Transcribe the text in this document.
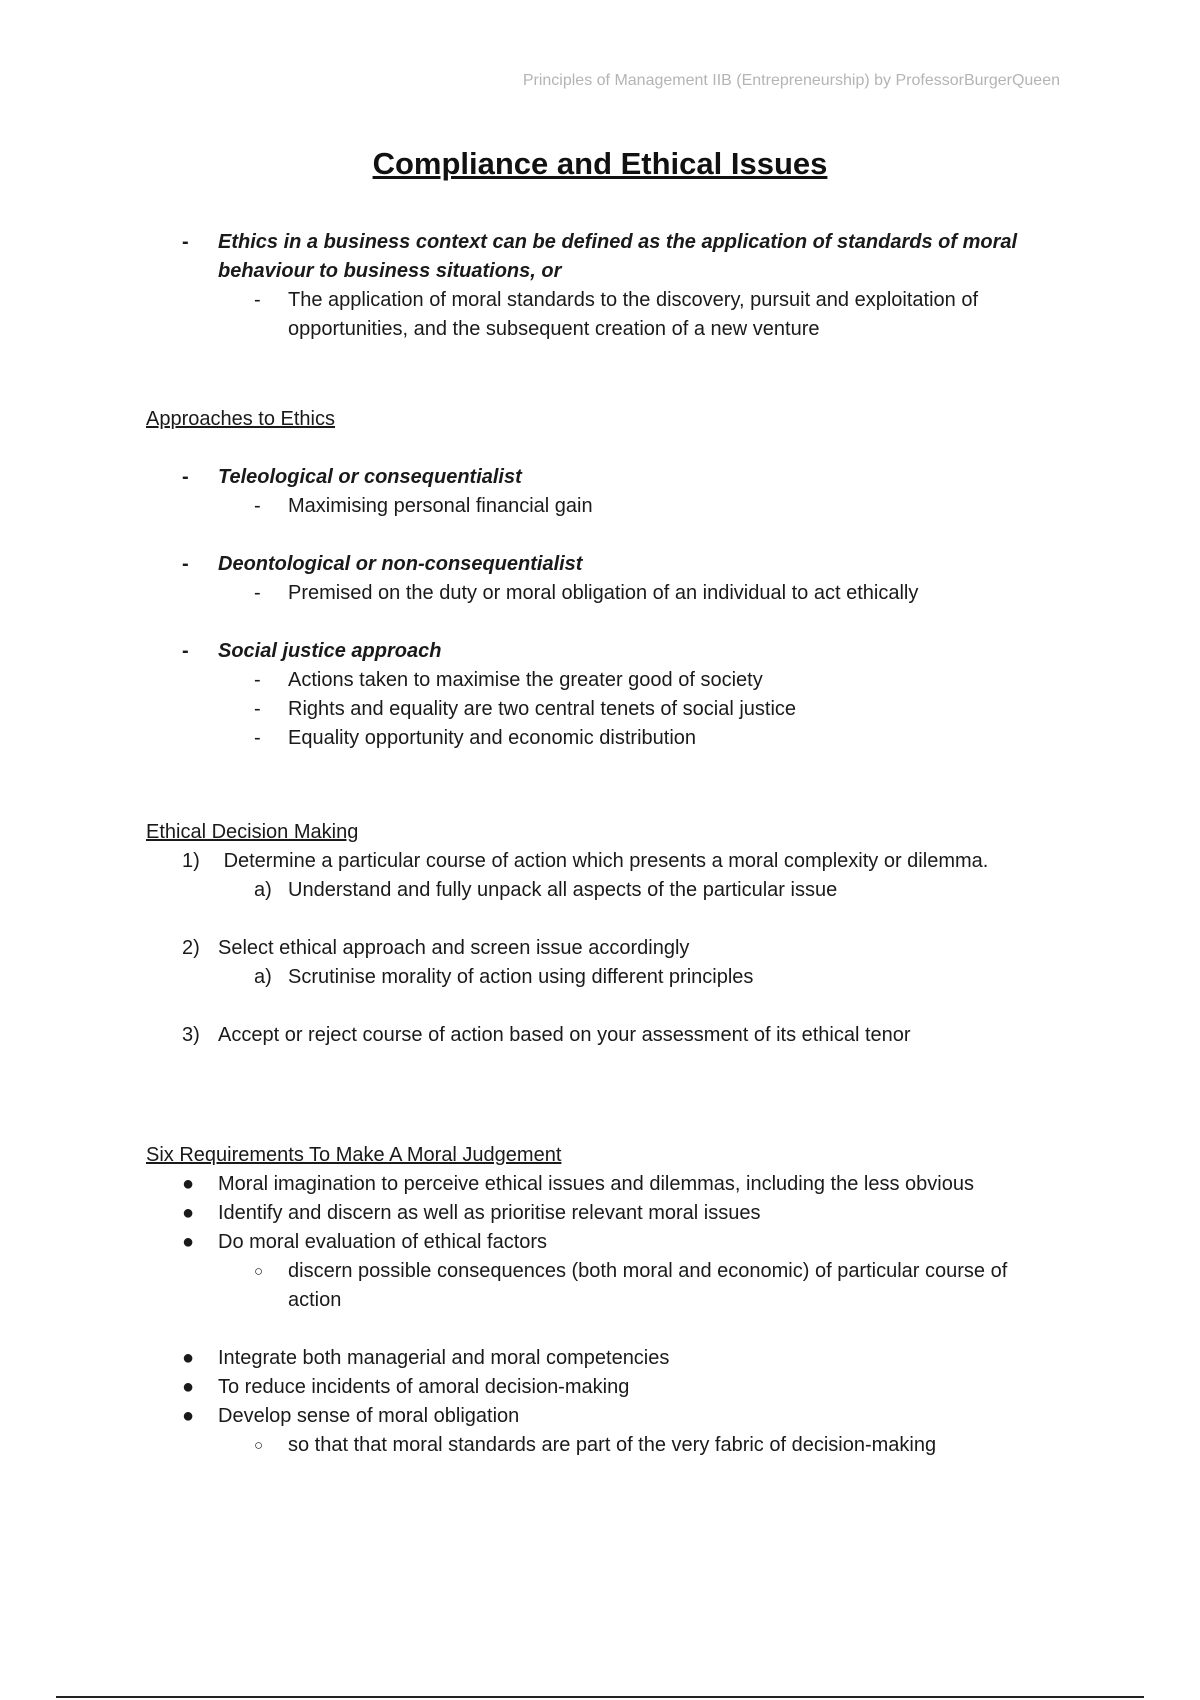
Principles of Management IIB (Entrepreneurship) by ProfessorBurgerQueen
Compliance and Ethical Issues
-	Ethics in a business context can be defined as the application of standards of moral behaviour to business situations, or
-	The application of moral standards to the discovery, pursuit and exploitation of opportunities, and the subsequent creation of a new venture

Approaches to Ethics

-	Teleological or consequentialist
-	Maximising personal financial gain
-	Deontological or non-consequentialist
-	Premised on the duty or moral obligation of an individual to act ethically
-	Social justice approach
-	Actions taken to maximise the greater good of society
-	Rights and equality are two central tenets of social justice
-	Equality opportunity and economic distribution

Ethical Decision Making

1) Determine a particular course of action which presents a moral complexity or dilemma.
a) Understand and fully unpack all aspects of the particular issue
2) Select ethical approach and screen issue accordingly
a) Scrutinise morality of action using different principles
3) Accept or reject course of action based on your assessment of its ethical tenor

Six Requirements To Make A Moral Judgement

●	Moral imagination to perceive ethical issues and dilemmas, including the less obvious
●	Identify and discern as well as prioritise relevant moral issues
●	Do moral evaluation of ethical factors
○	discern possible consequences (both moral and economic) of particular course of action
●	Integrate both managerial and moral competencies
●	To reduce incidents of amoral decision-making
●	Develop sense of moral obligation
○	so that that moral standards are part of the very fabric of decision-making
